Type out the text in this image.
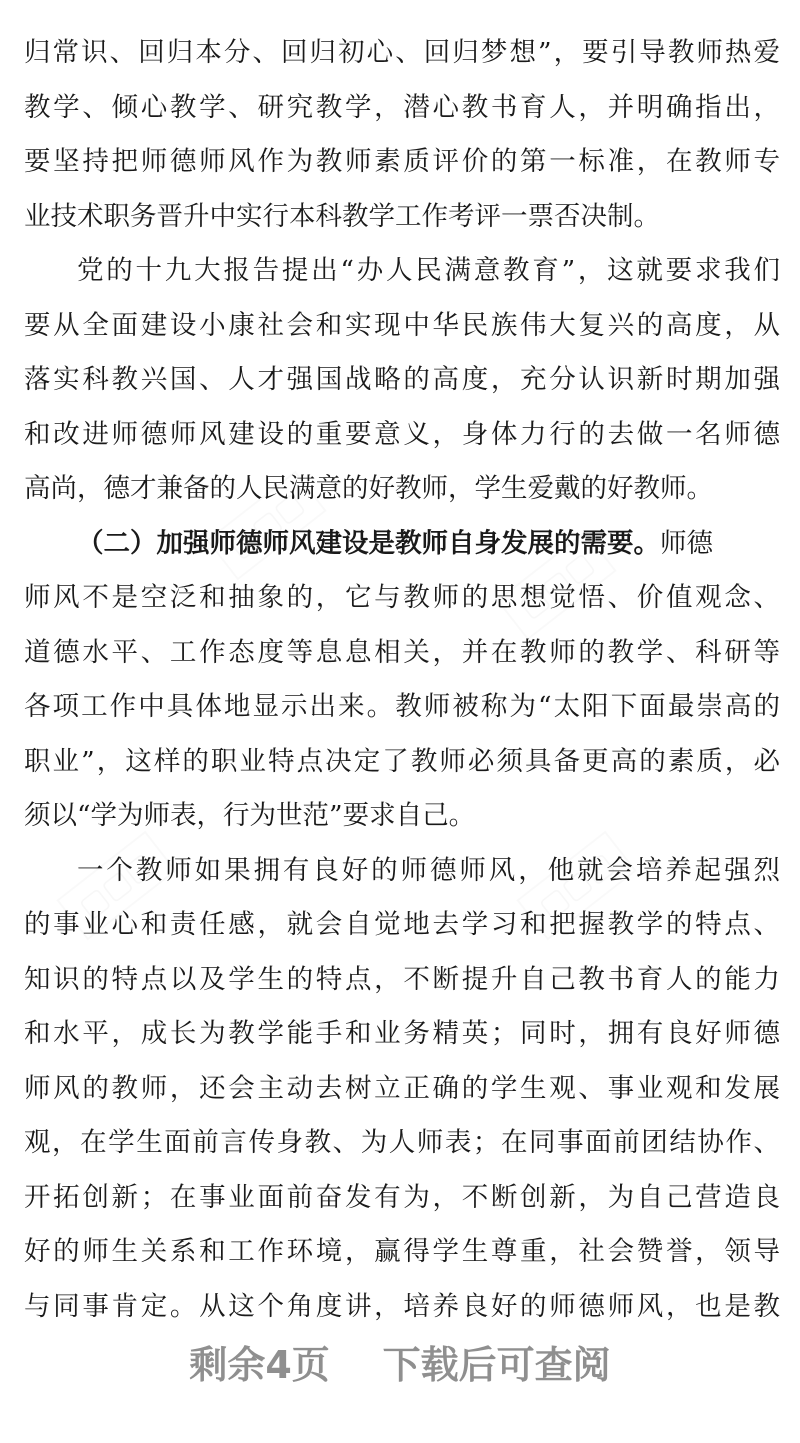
归常识、回归本分、回归初心、回归梦想”，要引导教师热爱
教学、倾心教学、研究教学，潜心教书育人，并明确指出，
要坚持把师德师风作为教师素质评价的第一标准，在教师专
业技术职务晋升中实行本科教学工作考评一票否决制。
党的十九大报告提出“办人民满意教育”，这就要求我们
要从全面建设小康社会和实现中华民族伟大复兴的高度，从
落实科教兴国、人才强国战略的高度，充分认识新时期加强
和改进师德师风建设的重要意义，身体力行的去做一名师德
高尚，德才兼备的人民满意的好教师，学生爱戴的好教师。
（二）加强师德师风建设是教师自身发展的需要。师德
师风不是空泛和抽象的，它与教师的思想觉悟、价值观念、
道德水平、工作态度等息息相关，并在教师的教学、科研等
各项工作中具体地显示出来。教师被称为“太阳下面最崇高的
职业”，这样的职业特点决定了教师必须具备更高的素质，必
须以“学为师表，行为世范”要求自己。
一个教师如果拥有良好的师德师风，他就会培养起强烈
的事业心和责任感，就会自觉地去学习和把握教学的特点、
知识的特点以及学生的特点，不断提升自己教书育人的能力
和水平，成长为教学能手和业务精英；同时，拥有良好师德
师风的教师，还会主动去树立正确的学生观、事业观和发展
观，在学生面前言传身教、为人师表；在同事面前团结协作、
开拓创新；在事业面前奋发有为，不断创新，为自己营造良
好的师生关系和工作环境，赢得学生尊重，社会赞誉，领导
与同事肯定。从这个角度讲，培养良好的师德师风，也是教
剩余4页    下载后可查阅
